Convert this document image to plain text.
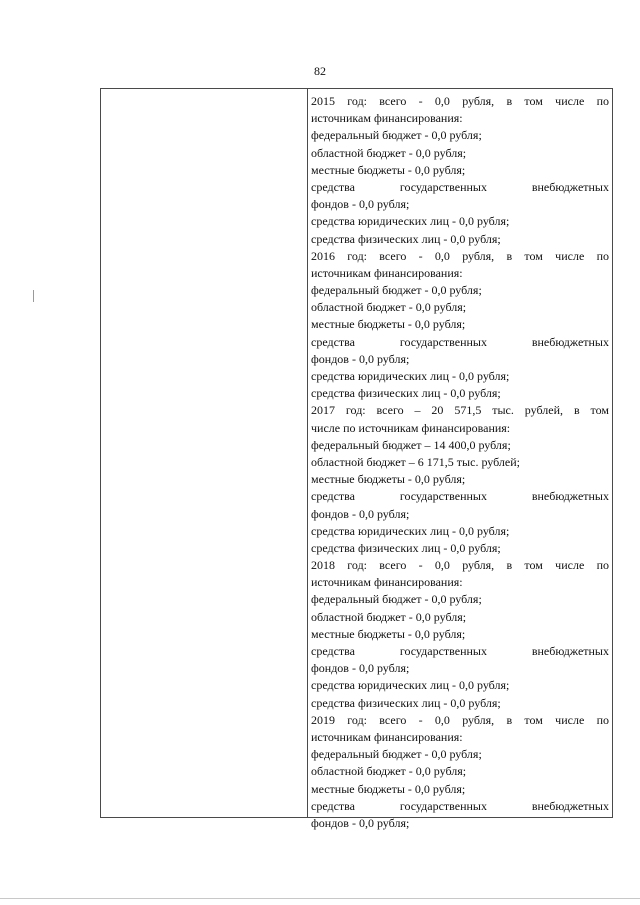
82
2015 год: всего - 0,0 рубля, в том числе по
источникам финансирования:
федеральный бюджет - 0,0 рубля;
областной бюджет - 0,0 рубля;
местные бюджеты - 0,0 рубля;
средства государственных внебюджетных
фондов - 0,0 рубля;
средства юридических лиц - 0,0 рубля;
средства физических лиц - 0,0 рубля;
2016 год: всего - 0,0 рубля, в том числе по
источникам финансирования:
федеральный бюджет - 0,0 рубля;
областной бюджет - 0,0 рубля;
местные бюджеты - 0,0 рубля;
средства государственных внебюджетных
фондов - 0,0 рубля;
средства юридических лиц - 0,0 рубля;
средства физических лиц - 0,0 рубля;
2017 год: всего – 20 571,5 тыс. рублей, в том
числе по источникам финансирования:
федеральный бюджет – 14 400,0 рубля;
областной бюджет – 6 171,5 тыс. рублей;
местные бюджеты - 0,0 рубля;
средства государственных внебюджетных
фондов - 0,0 рубля;
средства юридических лиц - 0,0 рубля;
средства физических лиц - 0,0 рубля;
2018 год: всего - 0,0 рубля, в том числе по
источникам финансирования:
федеральный бюджет - 0,0 рубля;
областной бюджет - 0,0 рубля;
местные бюджеты - 0,0 рубля;
средства государственных внебюджетных
фондов - 0,0 рубля;
средства юридических лиц - 0,0 рубля;
средства физических лиц - 0,0 рубля;
2019 год: всего - 0,0 рубля, в том числе по
источникам финансирования:
федеральный бюджет - 0,0 рубля;
областной бюджет - 0,0 рубля;
местные бюджеты - 0,0 рубля;
средства государственных внебюджетных
фондов - 0,0 рубля;
